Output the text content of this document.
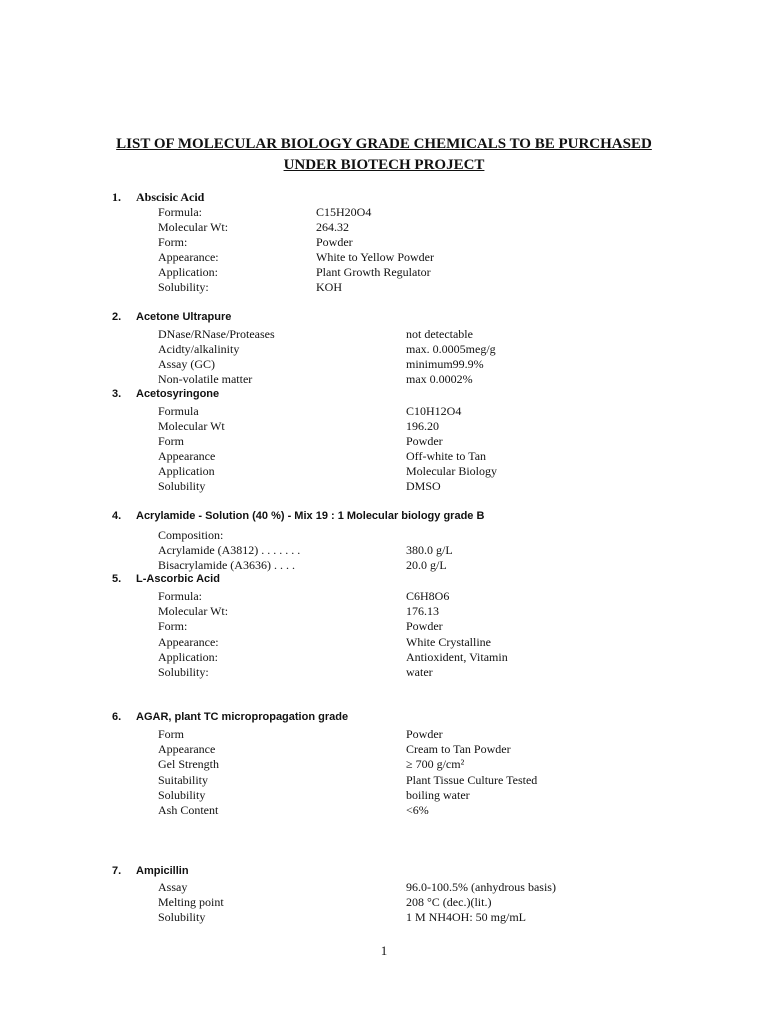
LIST OF MOLECULAR BIOLOGY GRADE CHEMICALS TO BE PURCHASED
UNDER BIOTECH PROJECT
1. Abscisic Acid
Formula:	C15H20O4
Molecular Wt:	264.32
Form:	Powder
Appearance:	White to Yellow Powder
Application:	Plant Growth Regulator
Solubility:	KOH
2. Acetone Ultrapure
DNase/RNase/Proteases	not detectable
Acidty/alkalinity	max. 0.0005meg/g
Assay (GC)	minimum99.9%
Non-volatile matter	max 0.0002%
3. Acetosyringone
Formula	C10H12O4
Molecular Wt	196.20
Form	Powder
Appearance	Off-white to Tan
Application	Molecular Biology
Solubility	DMSO
4. Acrylamide - Solution (40 %) - Mix 19 : 1 Molecular biology grade B
Composition:
Acrylamide (A3812) . . . . . . .	380.0 g/L
Bisacrylamide (A3636) . . . .	20.0 g/L
5. L-Ascorbic Acid
Formula:	C6H8O6
Molecular Wt:	176.13
Form:	Powder
Appearance:	White Crystalline
Application:	Antioxident, Vitamin
Solubility:	water
6. AGAR, plant TC micropropagation grade
Form	Powder
Appearance	Cream to Tan Powder
Gel Strength	≥ 700 g/cm²
Suitability	Plant Tissue Culture Tested
Solubility	boiling water
Ash Content	<6%
7. Ampicillin
Assay	96.0-100.5% (anhydrous basis)
Melting point	208 °C (dec.)(lit.)
Solubility	1 M NH4OH: 50 mg/mL
1
